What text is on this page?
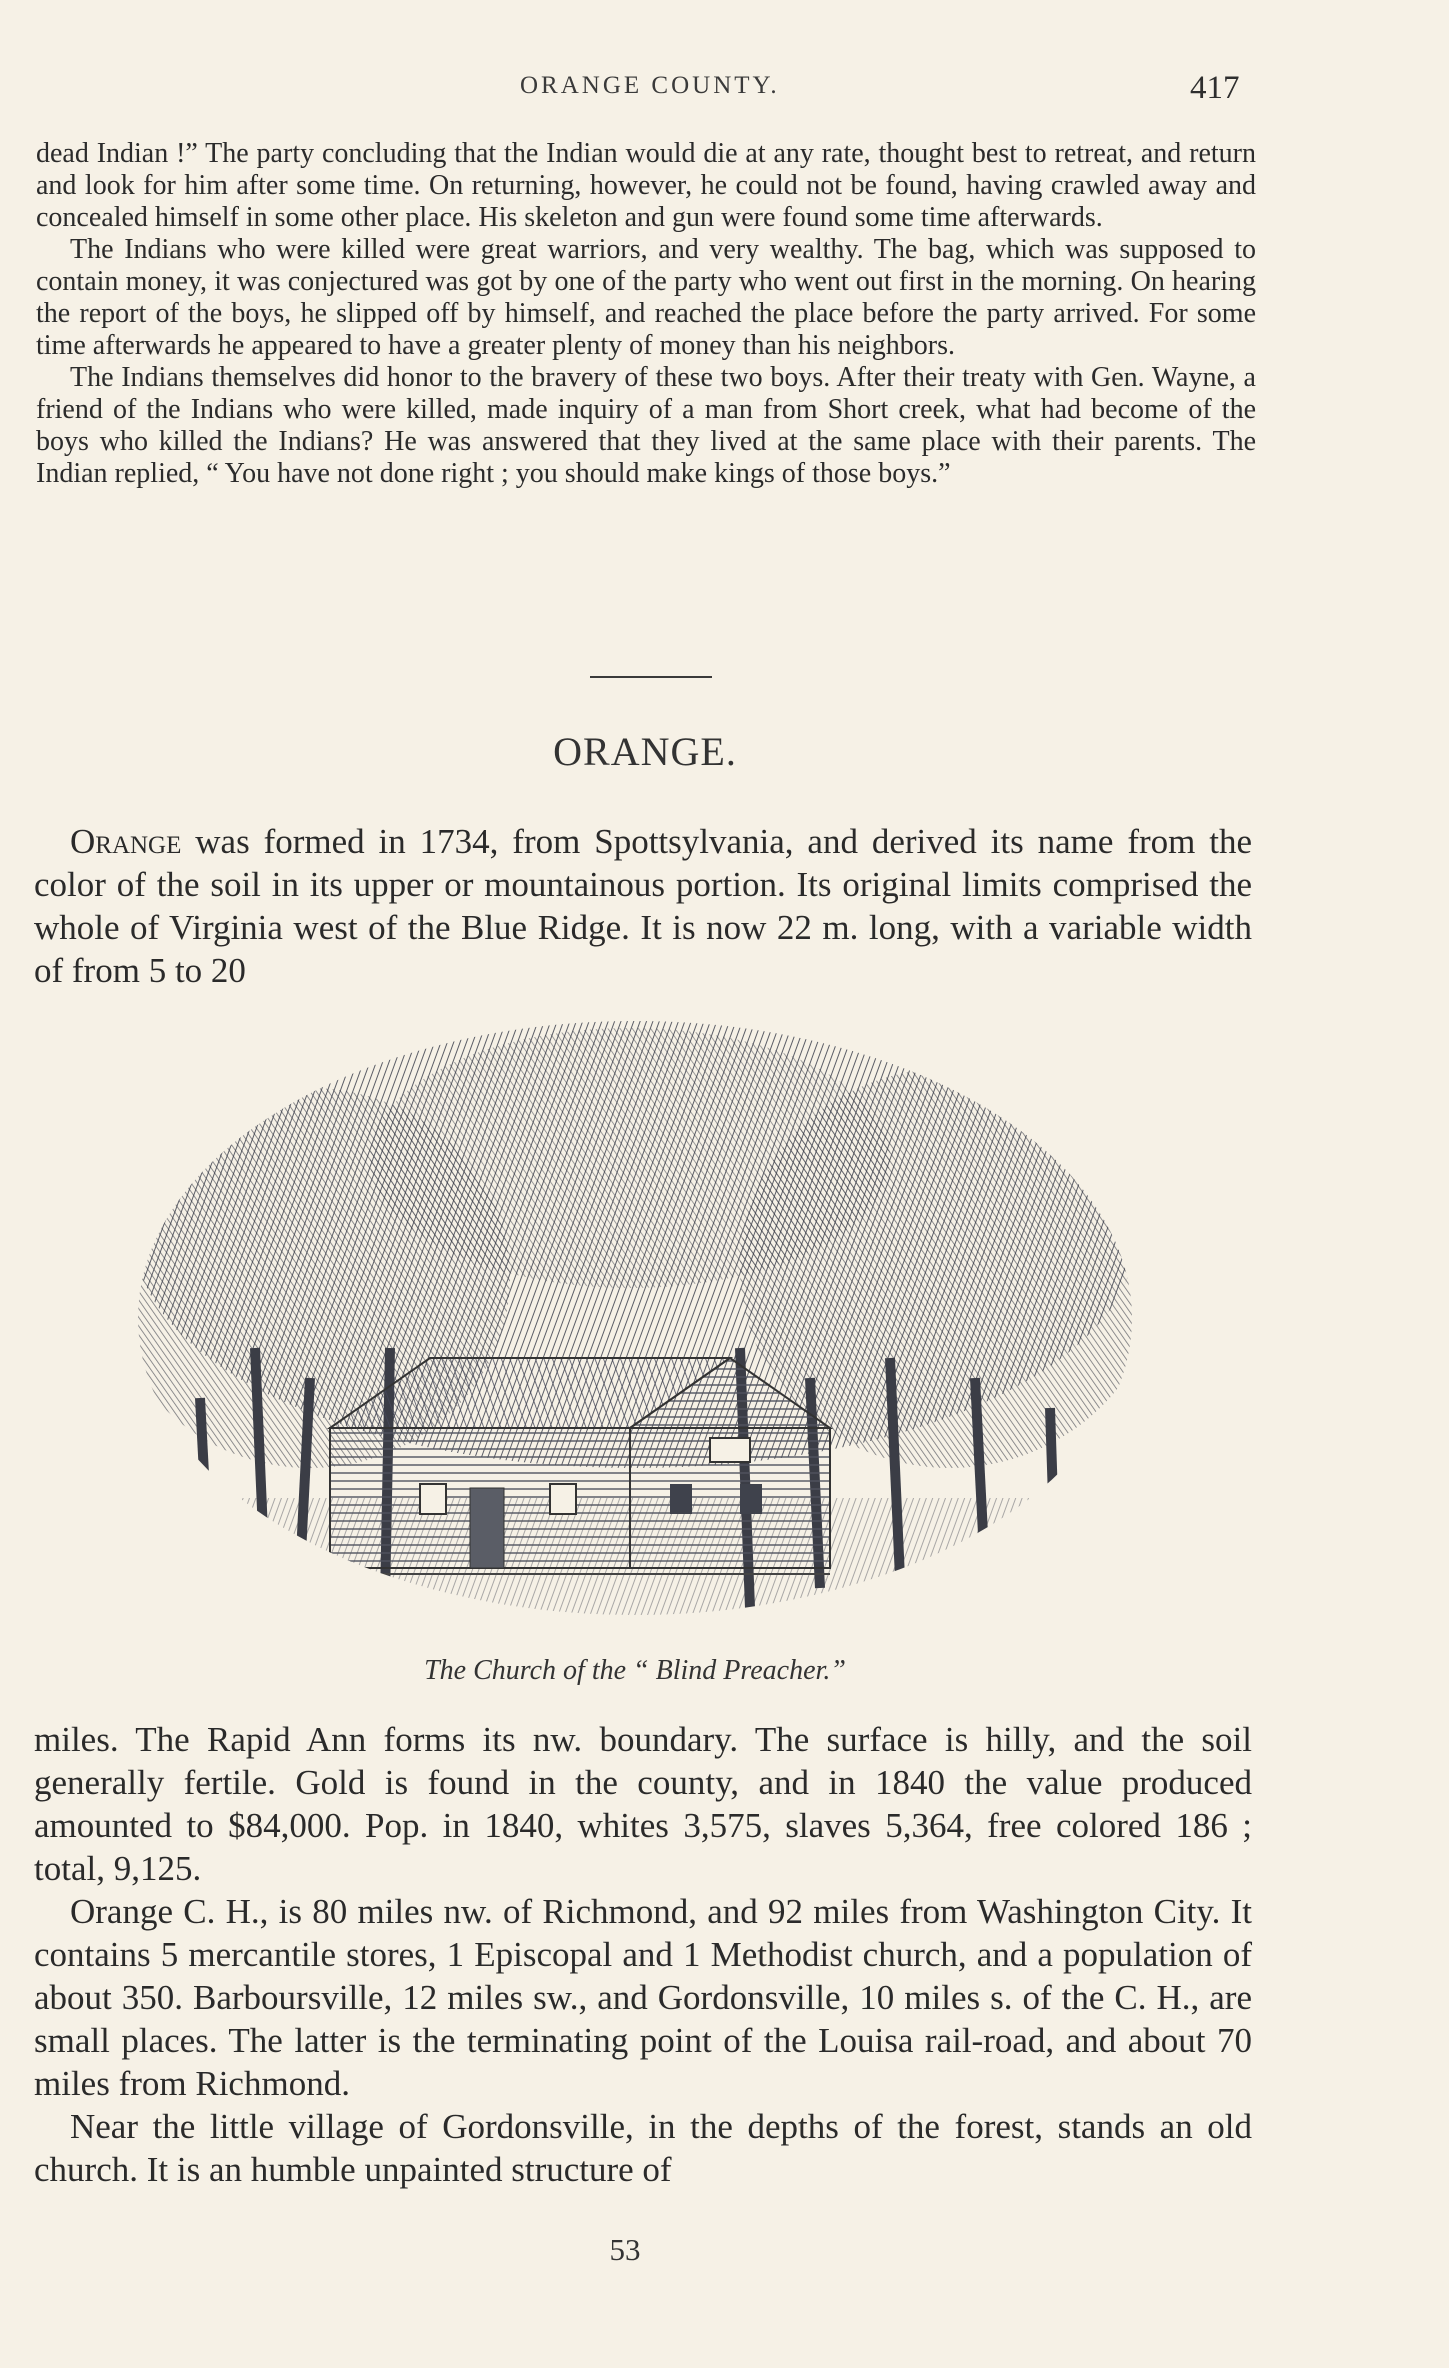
ORANGE COUNTY.	417

dead Indian !” The party concluding that the Indian would die at any rate, thought best to retreat, and return and look for him after some time. On returning, however, he could not be found, having crawled away and concealed himself in some other place. His skeleton and gun were found some time afterwards.

The Indians who were killed were great warriors, and very wealthy. The bag, which was supposed to contain money, it was conjectured was got by one of the party who went out first in the morning. On hearing the report of the boys, he slipped off by himself, and reached the place before the party arrived. For some time afterwards he appeared to have a greater plenty of money than his neighbors.

The Indians themselves did honor to the bravery of these two boys. After their treaty with Gen. Wayne, a friend of the Indians who were killed, made inquiry of a man from Short creek, what had become of the boys who killed the Indians? He was answered that they lived at the same place with their parents. The Indian replied, “ You have not done right ; you should make kings of those boys.”

ORANGE.

Orange was formed in 1734, from Spottsylvania, and derived its name from the color of the soil in its upper or mountainous portion. Its original limits comprised the whole of Virginia west of the Blue Ridge. It is now 22 m. long, with a variable width of from 5 to 20

The Church of the “ Blind Preacher.”

miles. The Rapid Ann forms its nw. boundary. The surface is hilly, and the soil generally fertile. Gold is found in the county, and in 1840 the value produced amounted to $84,000. Pop. in 1840, whites 3,575, slaves 5,364, free colored 186 ; total, 9,125.

Orange C. H., is 80 miles nw. of Richmond, and 92 miles from Washington City. It contains 5 mercantile stores, 1 Episcopal and 1 Methodist church, and a population of about 350. Barboursville, 12 miles sw., and Gordonsville, 10 miles s. of the C. H., are small places. The latter is the terminating point of the Louisa rail-road, and about 70 miles from Richmond.

Near the little village of Gordonsville, in the depths of the forest, stands an old church. It is an humble unpainted structure of

53
